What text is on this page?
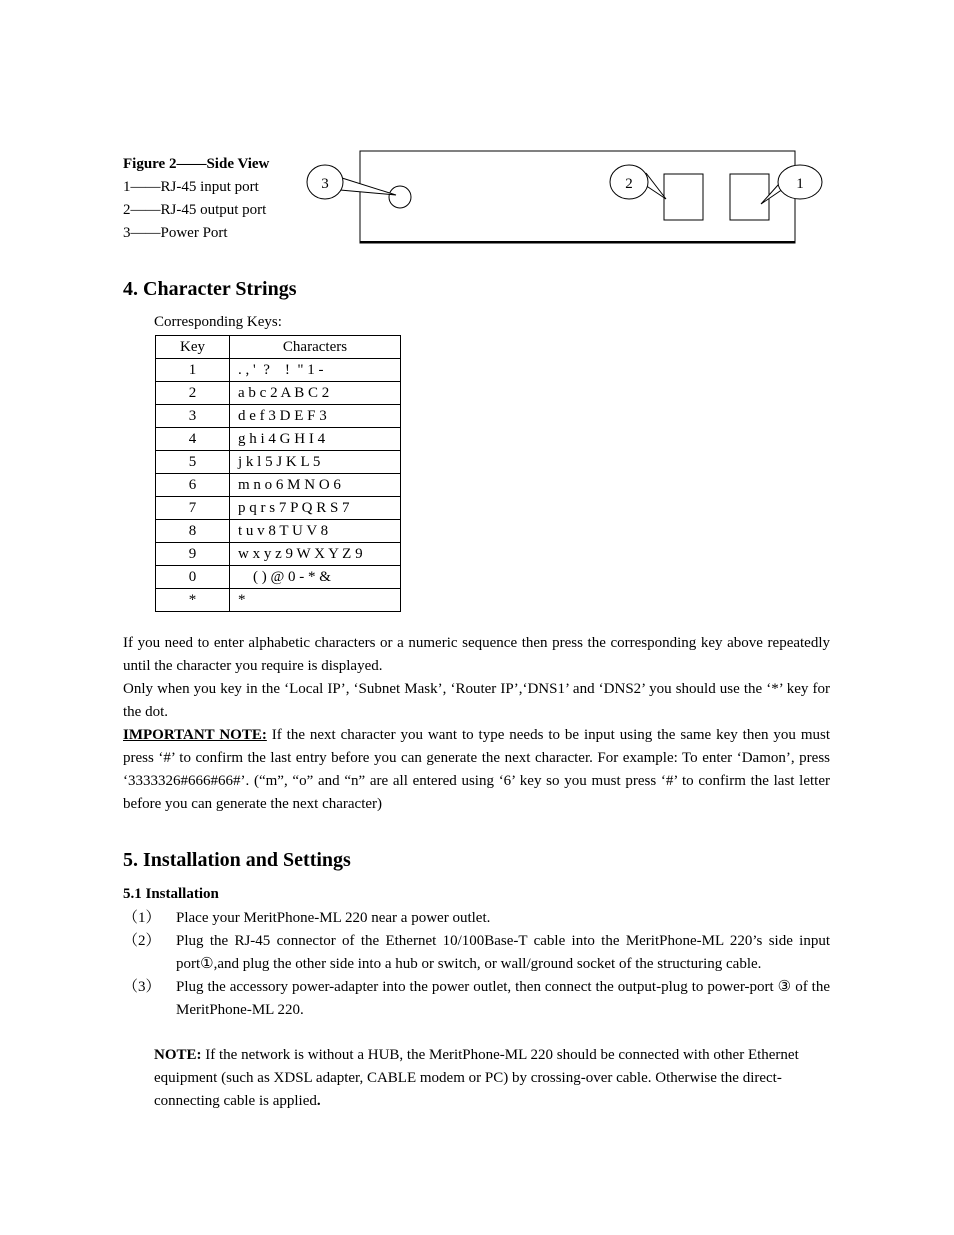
Figure 2——Side View
1——RJ-45 input port
2——RJ-45 output port
3——Power Port
3	2	1
4. Character Strings
Corresponding Keys:
Key	Characters
1	. , '  ?    !  " 1 -
2	a b c 2 A B C 2
3	d e f 3 D E F 3
4	g h i 4 G H I 4
5	j k l 5 J K L 5
6	m n o 6 M N O 6
7	p q r s 7 P Q R S 7
8	t u v 8 T U V 8
9	w x y z 9 W X Y Z 9
0	( ) @ 0 - * &
*	*
If you need to enter alphabetic characters or a numeric sequence then press the corresponding key above repeatedly until the character you require is displayed.
Only when you key in the ‘Local IP’, ‘Subnet Mask’, ‘Router IP’,‘DNS1’ and ‘DNS2’ you should use the ‘*’ key for the dot.
IMPORTANT NOTE: If the next character you want to type needs to be input using the same key then you must press ‘#’ to confirm the last entry before you can generate the next character. For example: To enter ‘Damon’, press ‘3333326#666#66#’. (“m”, “o” and “n” are all entered using ‘6’ key so you must press ‘#’ to confirm the last letter before you can generate the next character)
5. Installation and Settings
5.1 Installation
（1）	Place your MeritPhone-ML 220 near a power outlet.
（2）	Plug the RJ-45 connector of the Ethernet 10/100Base-T cable into the MeritPhone-ML 220’s side input port①,and plug the other side into a hub or switch, or wall/ground socket of the structuring cable.
（3）	Plug the accessory power-adapter into the power outlet, then connect the output-plug to power-port ③ of the MeritPhone-ML 220.
NOTE: If the network is without a HUB, the MeritPhone-ML 220 should be connected with other Ethernet equipment (such as XDSL adapter, CABLE modem or PC) by crossing-over cable. Otherwise the direct-connecting cable is applied.
